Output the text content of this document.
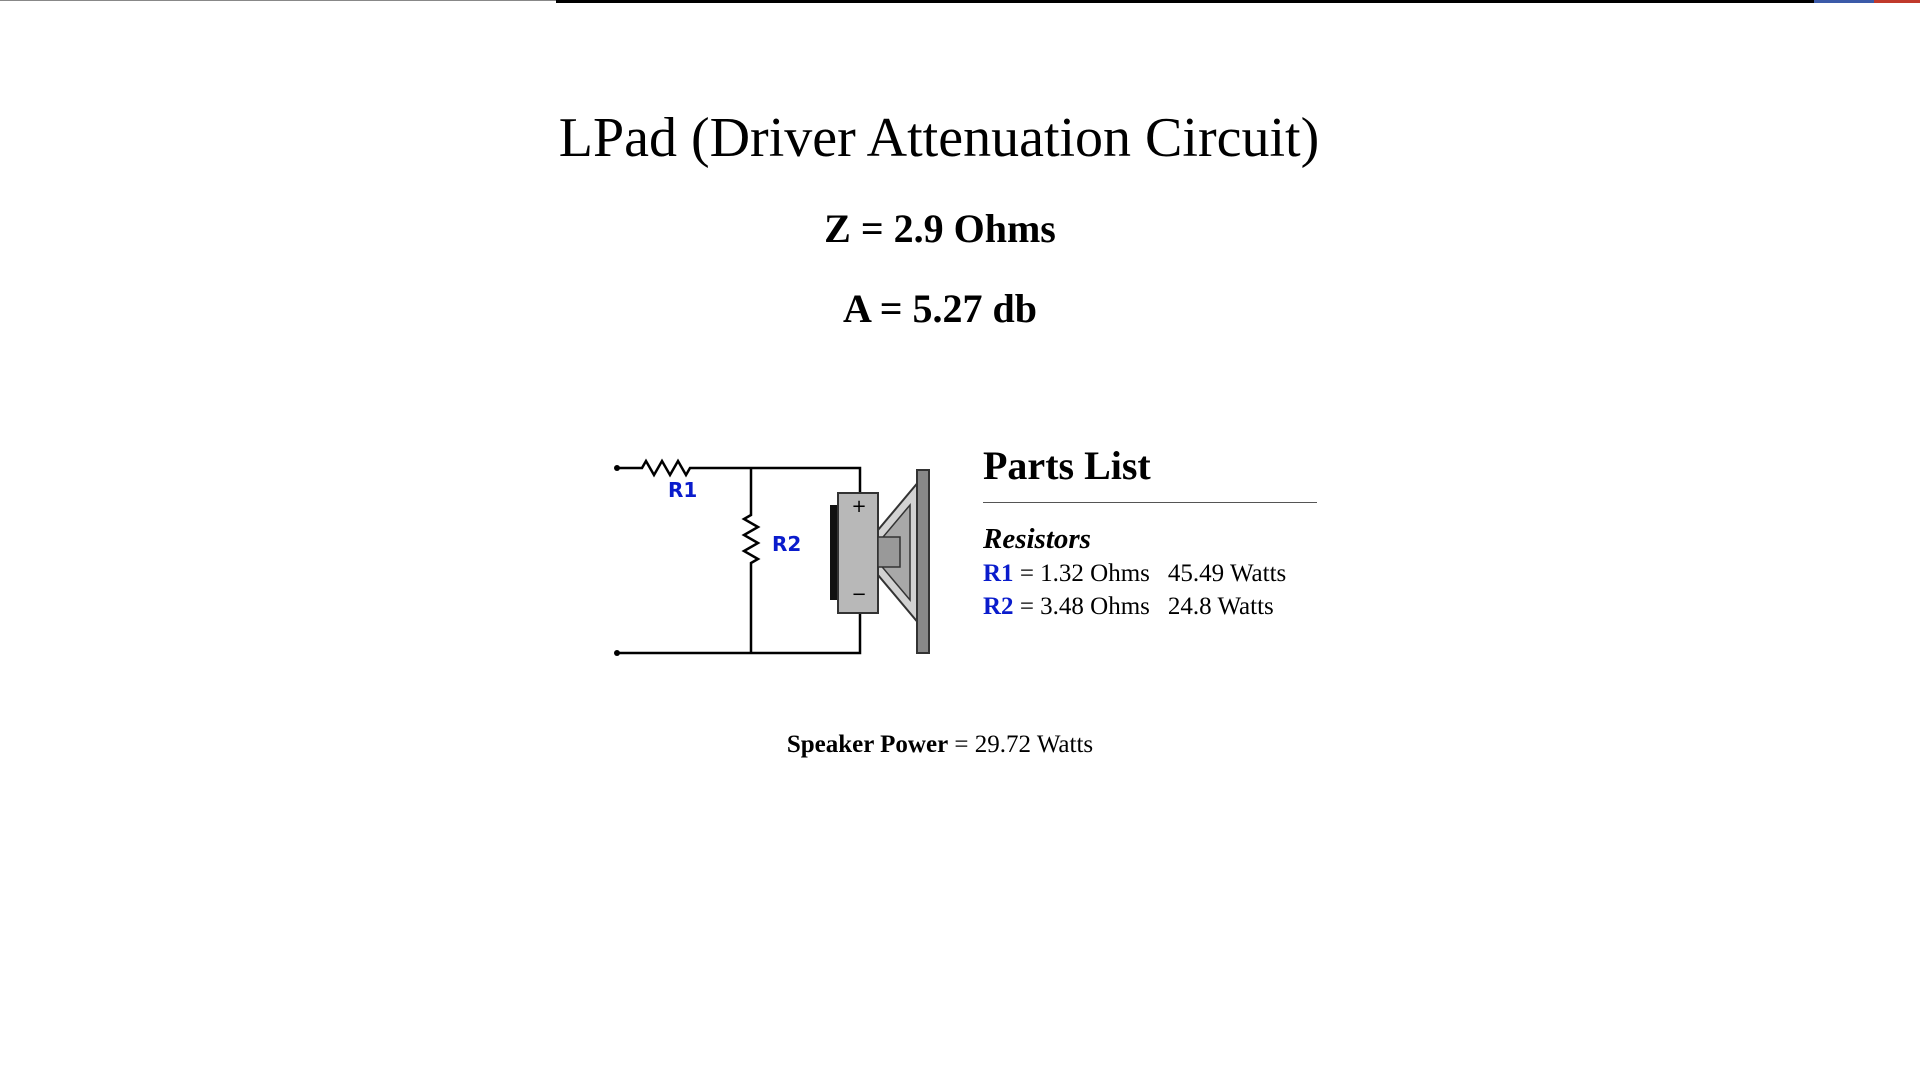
LPad (Driver Attenuation Circuit)
Z = 2.9 Ohms
A = 5.27 db
R1
R2
+
−
Parts List
Resistors
R1 = 1.32 Ohms 45.49 Watts
R2 = 3.48 Ohms 24.8 Watts
Speaker Power = 29.72 Watts
